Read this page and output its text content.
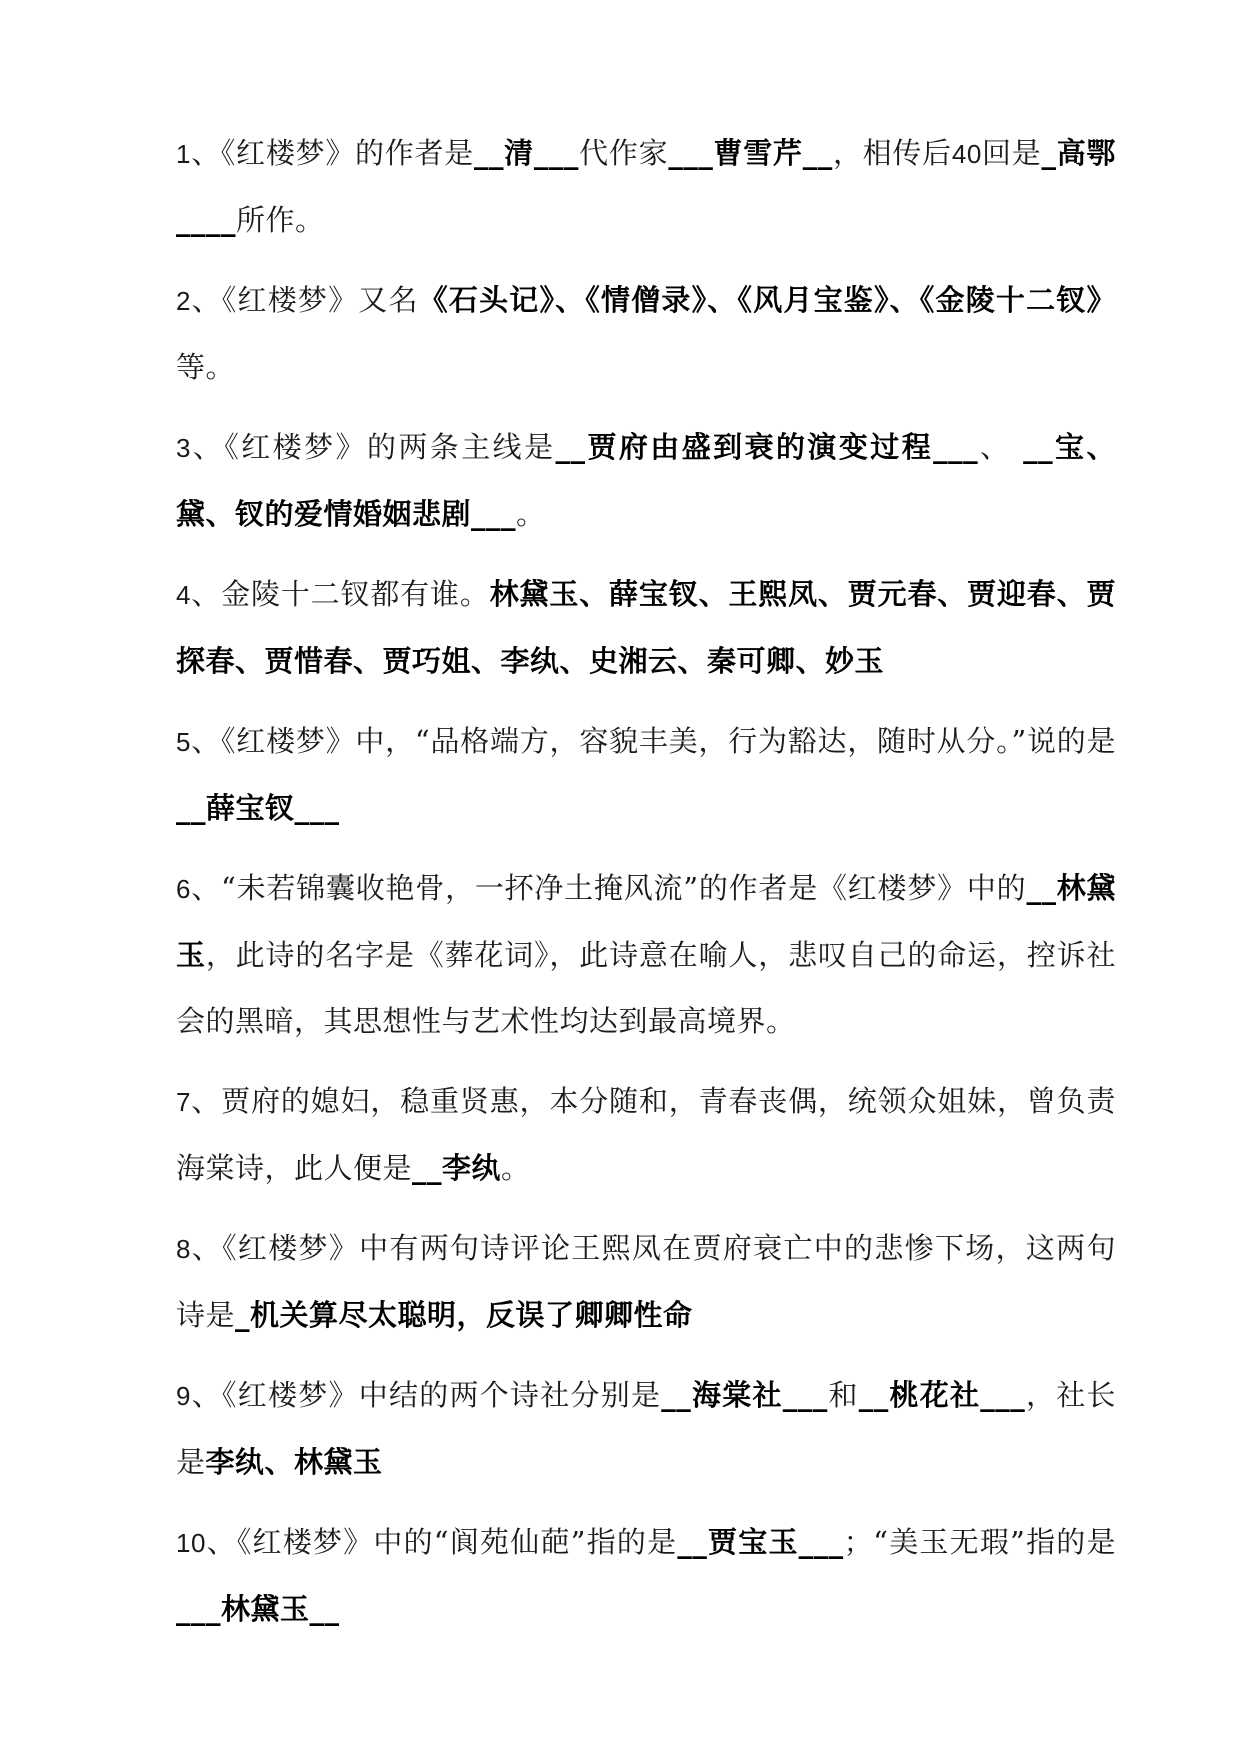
1、《红楼梦》的作者是__清___代作家___曹雪芹__，相传后40回是_高鄂____所作。

2、《红楼梦》又名《石头记》、《情僧录》、《风月宝鉴》、《金陵十二钗》等。

3、《红楼梦》的两条主线是__贾府由盛到衰的演变过程___、 __宝、黛、钗的爱情婚姻悲剧___。

4、金陵十二钗都有谁。林黛玉、薛宝钗、王熙凤、贾元春、贾迎春、贾探春、贾惜春、贾巧姐、李纨、史湘云、秦可卿、妙玉

5、《红楼梦》中，“品格端方，容貌丰美，行为豁达，随时从分。”说的是__薛宝钗___

6、“未若锦囊收艳骨，一抔净土掩风流”的作者是《红楼梦》中的__林黛玉，此诗的名字是《葬花词》，此诗意在喻人，悲叹自己的命运，控诉社会的黑暗，其思想性与艺术性均达到最高境界。

7、贾府的媳妇，稳重贤惠，本分随和，青春丧偶，统领众姐妹，曾负责海棠诗，此人便是__李纨。

8、《红楼梦》中有两句诗评论王熙凤在贾府衰亡中的悲惨下场，这两句诗是_机关算尽太聪明，反误了卿卿性命

9、《红楼梦》中结的两个诗社分别是__海棠社___和__桃花社___，社长是李纨、林黛玉

10、《红楼梦》中的“阆苑仙葩”指的是__贾宝玉___；“美玉无瑕”指的是___林黛玉__
